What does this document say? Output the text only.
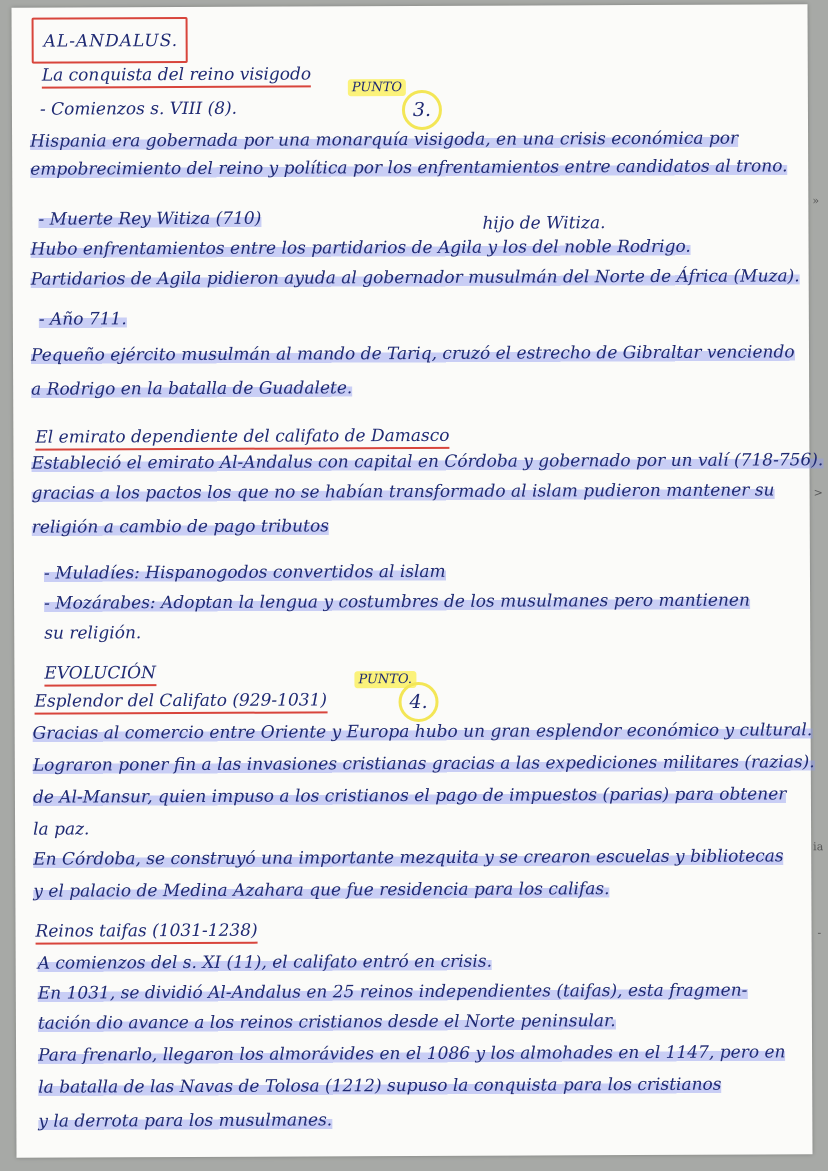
AL-ANDALUS.
PUNTO
3.
PUNTO.
4.
La conquista del reino visigodo
- Comienzos s. VIII (8).
Hispania era gobernada por una monarquía visigoda, en una crisis económica por
empobrecimiento del reino y política por los enfrentamientos entre candidatos al trono.
hijo de Witiza.
- Muerte Rey Witiza (710)
Hubo enfrentamientos entre los partidarios de Agila y los del noble Rodrigo.
Partidarios de Agila pidieron ayuda al gobernador musulmán del Norte de África (Muza).
- Año 711.
Pequeño ejército musulmán al mando de Tariq, cruzó el estrecho de Gibraltar venciendo
a Rodrigo en la batalla de Guadalete.
El emirato dependiente del califato de Damasco
Estableció el emirato Al-Andalus con capital en Córdoba y gobernado por un valí (718-756).
gracias a los pactos los que no se habían transformado al islam pudieron mantener su
religión a cambio de pago tributos
- Muladíes: Hispanogodos convertidos al islam
- Mozárabes: Adoptan la lengua y costumbres de los musulmanes pero mantienen
su religión.
EVOLUCIÓN
Esplendor del Califato (929-1031)
Gracias al comercio entre Oriente y Europa hubo un gran esplendor económico y cultural.
Lograron poner fin a las invasiones cristianas gracias a las expediciones militares (razias).
de Al-Mansur, quien impuso a los cristianos el pago de impuestos (parias) para obtener
la paz.
En Córdoba, se construyó una importante mezquita y se crearon escuelas y bibliotecas
y el palacio de Medina Azahara que fue residencia para los califas.
Reinos taifas (1031-1238)
A comienzos del s. XI (11), el califato entró en crisis.
En 1031, se dividió Al-Andalus en 25 reinos independientes (taifas), esta fragmen-
tación dio avance a los reinos cristianos desde el Norte peninsular.
Para frenarlo, llegaron los almorávides en el 1086 y los almohades en el 1147, pero en
la batalla de las Navas de Tolosa (1212) supuso la conquista para los cristianos
y la derrota para los musulmanes.
»
>
ia
-
